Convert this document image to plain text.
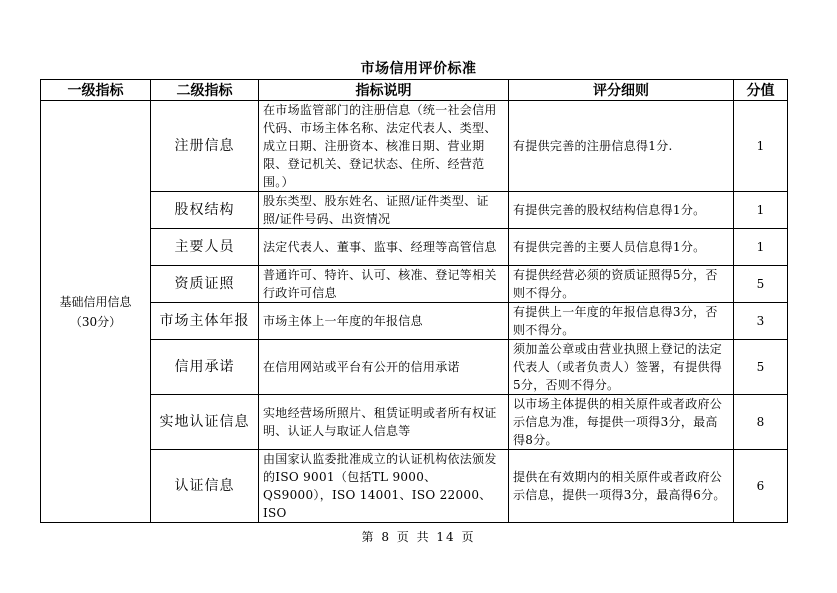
市场信用评价标准
一级指标	二级指标	指标说明	评分细则	分值

基础信用信息
（30分）	注册信息	在市场监管部门的注册信息（统一社会信用代码、市场主体名称、法定代表人、类型、成立日期、注册资本、核准日期、营业期限、登记机关、登记状态、住所、经营范围。）	有提供完善的注册信息得1分.	1
	股权结构	股东类型、股东姓名、证照/证件类型、证照/证件号码、出资情况	有提供完善的股权结构信息得1分。	1
	主要人员	法定代表人、董事、监事、经理等高管信息	有提供完善的主要人员信息得1分。	1
	资质证照	普通许可、特许、认可、核准、登记等相关行政许可信息	有提供经营必须的资质证照得5分，否则不得分。	5
	市场主体年报	市场主体上一年度的年报信息	有提供上一年度的年报信息得3分，否则不得分。	3
	信用承诺	在信用网站或平台有公开的信用承诺	须加盖公章或由营业执照上登记的法定代表人（或者负责人）签署，有提供得5分，否则不得分。	5
	实地认证信息	实地经营场所照片、租赁证明或者所有权证明、认证人与取证人信息等	以市场主体提供的相关原件或者政府公示信息为准，每提供一项得3分，最高得8分。	8
	认证信息	由国家认监委批准成立的认证机构依法颁发的ISO 9001（包括TL 9000、QS9000），ISO 14001、ISO 22000、ISO	提供在有效期内的相关原件或者政府公示信息，提供一项得3分，最高得6分。	6
第 8 页 共 14 页
